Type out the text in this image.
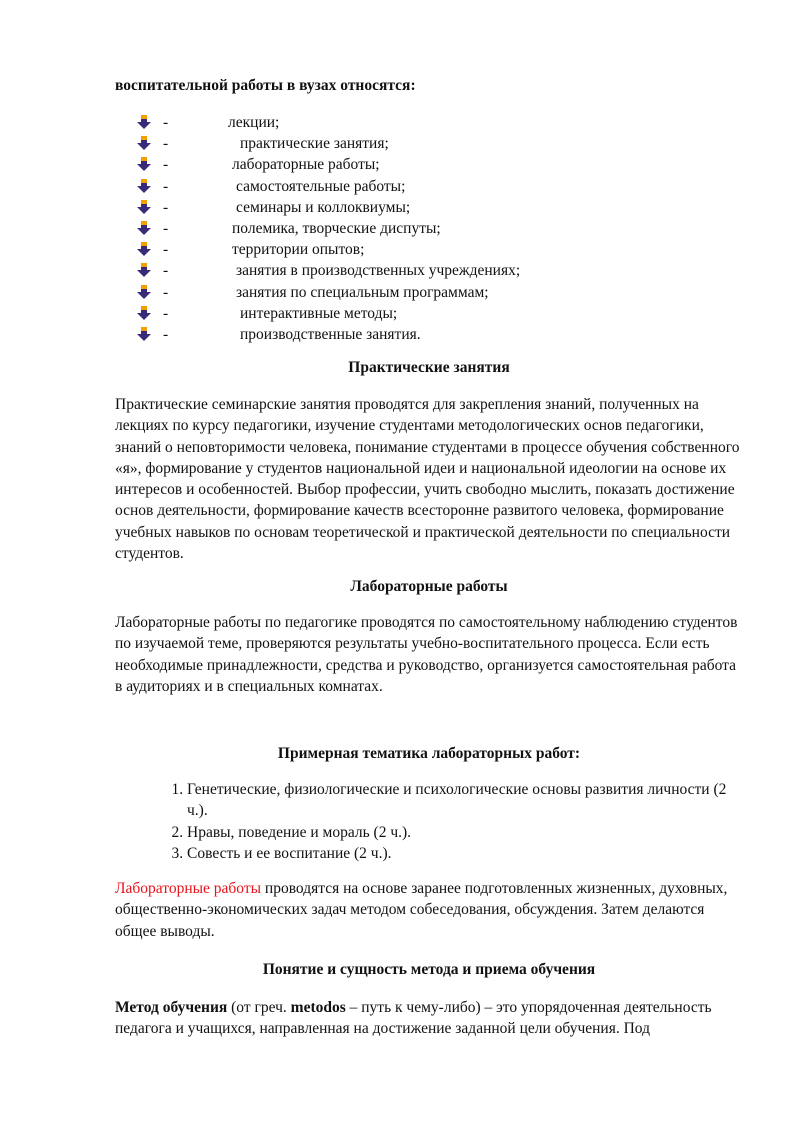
воспитательной работы в вузах относятся:
-	лекции;
-	практические занятия;
-	лабораторные работы;
-	самостоятельные работы;
-	семинары и коллоквиумы;
-	полемика, творческие диспуты;
-	территории опытов;
-	занятия в производственных учреждениях;
-	занятия по специальным программам;
-	интерактивные методы;
-	производственные занятия.
Практические занятия

Практические семинарские занятия проводятся для закрепления знаний, полученных на лекциях по курсу педагогики, изучение студентами методологических основ педагогики, знаний о неповторимости человека, понимание студентами в процессе обучения собственного «я», формирование у студентов национальной идеи и национальной идеологии на основе их интересов и особенностей. Выбор профессии, учить свободно мыслить, показать достижение основ деятельности, формирование качеств всесторонне развитого человека, формирование учебных навыков по основам теоретической и практической деятельности по специальности студентов.

Лабораторные работы

Лабораторные работы по педагогике проводятся по самостоятельному наблюдению студентов по изучаемой теме, проверяются результаты учебно-воспитательного процесса. Если есть необходимые принадлежности, средства и руководство, организуется самостоятельная работа в аудиториях и в специальных комнатах.

Примерная тематика лабораторных работ:
1. Генетические, физиологические и психологические основы развития личности (2 ч.).
2. Нравы, поведение и мораль (2 ч.).
3. Совесть и ее воспитание (2 ч.).

Лабораторные работы проводятся на основе заранее подготовленных жизненных, духовных, общественно-экономических задач методом собеседования, обсуждения. Затем делаются общее выводы.

Понятие и сущность метода и приема обучения

Метод обучения (от греч. metodos – путь к чему-либо) – это упорядоченная деятельность педагога и учащихся, направленная на достижение заданной цели обучения. Под
